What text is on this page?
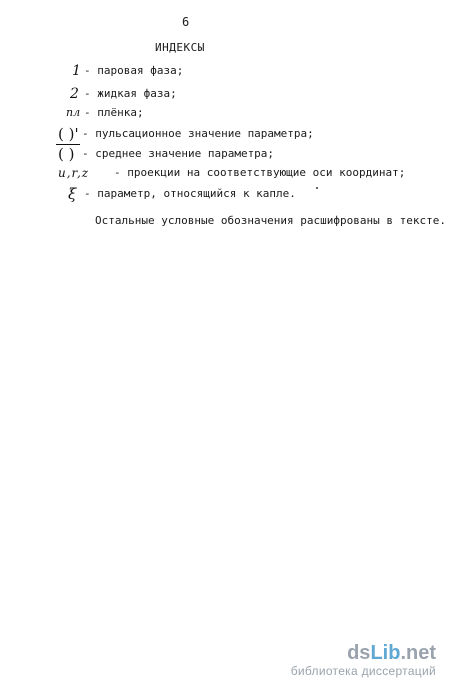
6
ИНДЕКСЫ
1 - паровая фаза;
2 - жидкая фаза;
пл - плёнка;
( )' - пульсационное значение параметра;
( ) - среднее значение параметра;
u,r,z - проекции на соответствующие оси координат;
ξ - параметр, относящийся к капле.
Остальные условные обозначения расшифрованы в тексте.
dsLib.net
библиотека диссертаций
